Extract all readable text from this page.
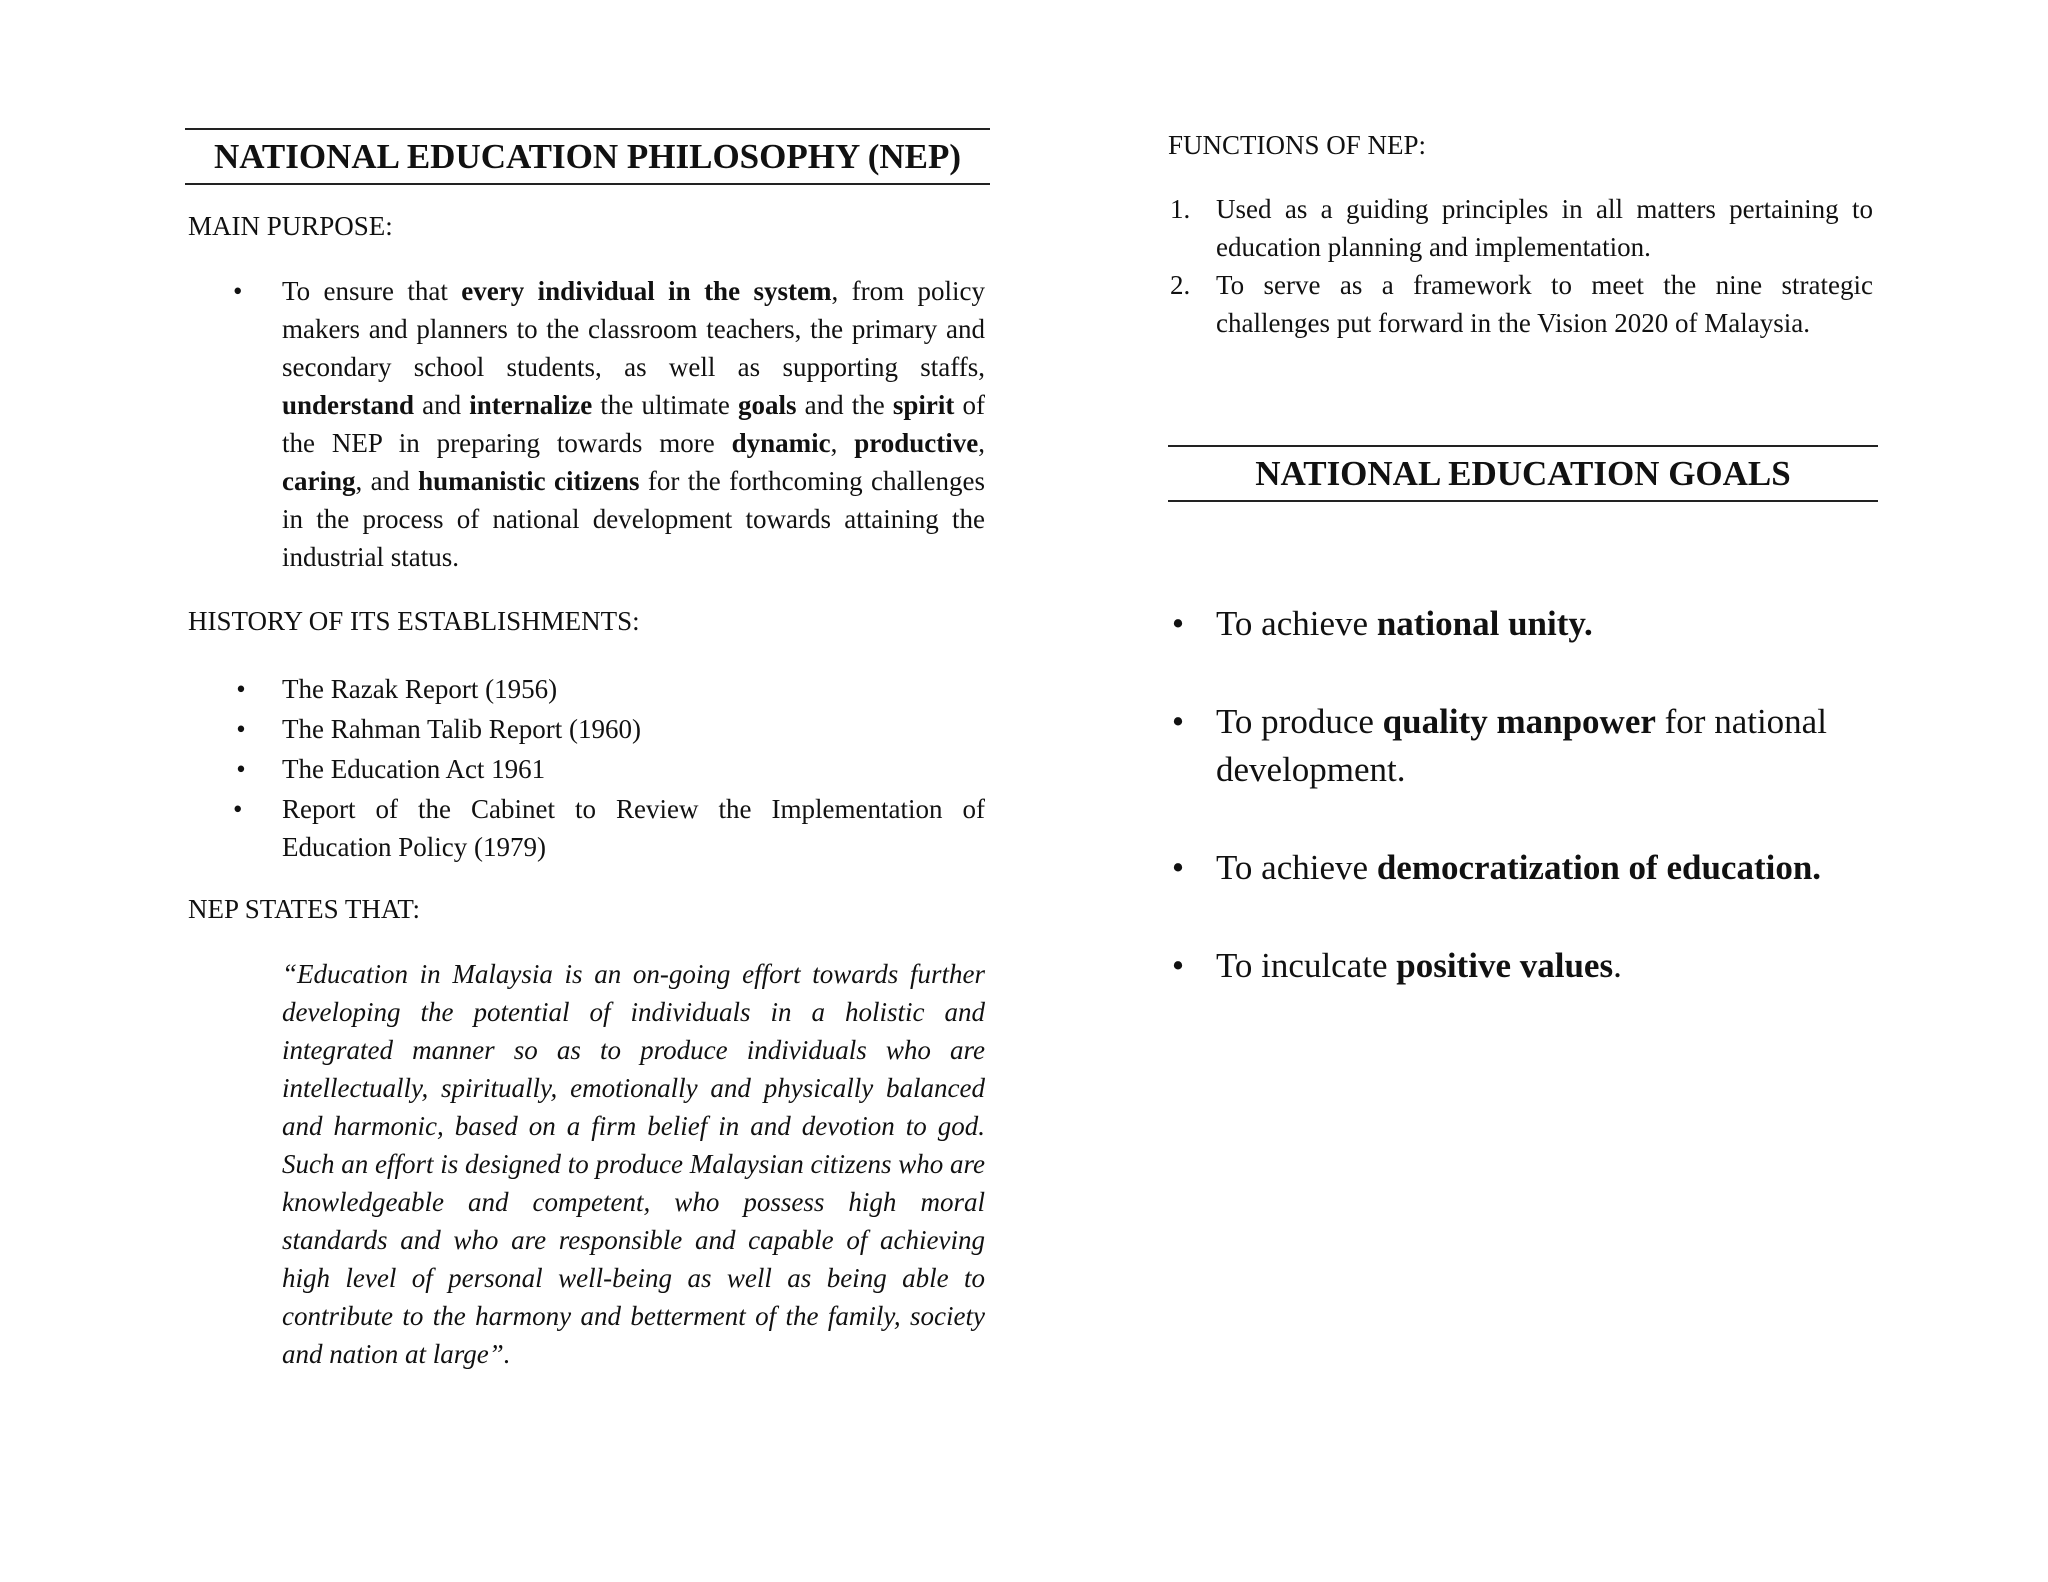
NATIONAL EDUCATION PHILOSOPHY (NEP)
MAIN PURPOSE:
• To ensure that every individual in the system, from policy makers and planners to the classroom teachers, the primary and secondary school students, as well as supporting staffs, understand and internalize the ultimate goals and the spirit of the NEP in preparing towards more dynamic, productive, caring, and humanistic citizens for the forthcoming challenges in the process of national development towards attaining the industrial status.
HISTORY OF ITS ESTABLISHMENTS:
• The Razak Report (1956)
• The Rahman Talib Report (1960)
• The Education Act 1961
• Report of the Cabinet to Review the Implementation of Education Policy (1979)
NEP STATES THAT:

“Education in Malaysia is an on-going effort towards further developing the potential of individuals in a holistic and integrated manner so as to produce individuals who are intellectually, spiritually, emotionally and physically balanced and harmonic, based on a firm belief in and devotion to god. Such an effort is designed to produce Malaysian citizens who are knowledgeable and competent, who possess high moral standards and who are responsible and capable of achieving high level of personal well-being as well as being able to contribute to the harmony and betterment of the family, society and nation at large”.

FUNCTIONS OF NEP:
1. Used as a guiding principles in all matters pertaining to education planning and implementation.
2. To serve as a framework to meet the nine strategic challenges put forward in the Vision 2020 of Malaysia.
NATIONAL EDUCATION GOALS
• To achieve national unity.
• To produce quality manpower for national development.
• To achieve democratization of education.
• To inculcate positive values.
